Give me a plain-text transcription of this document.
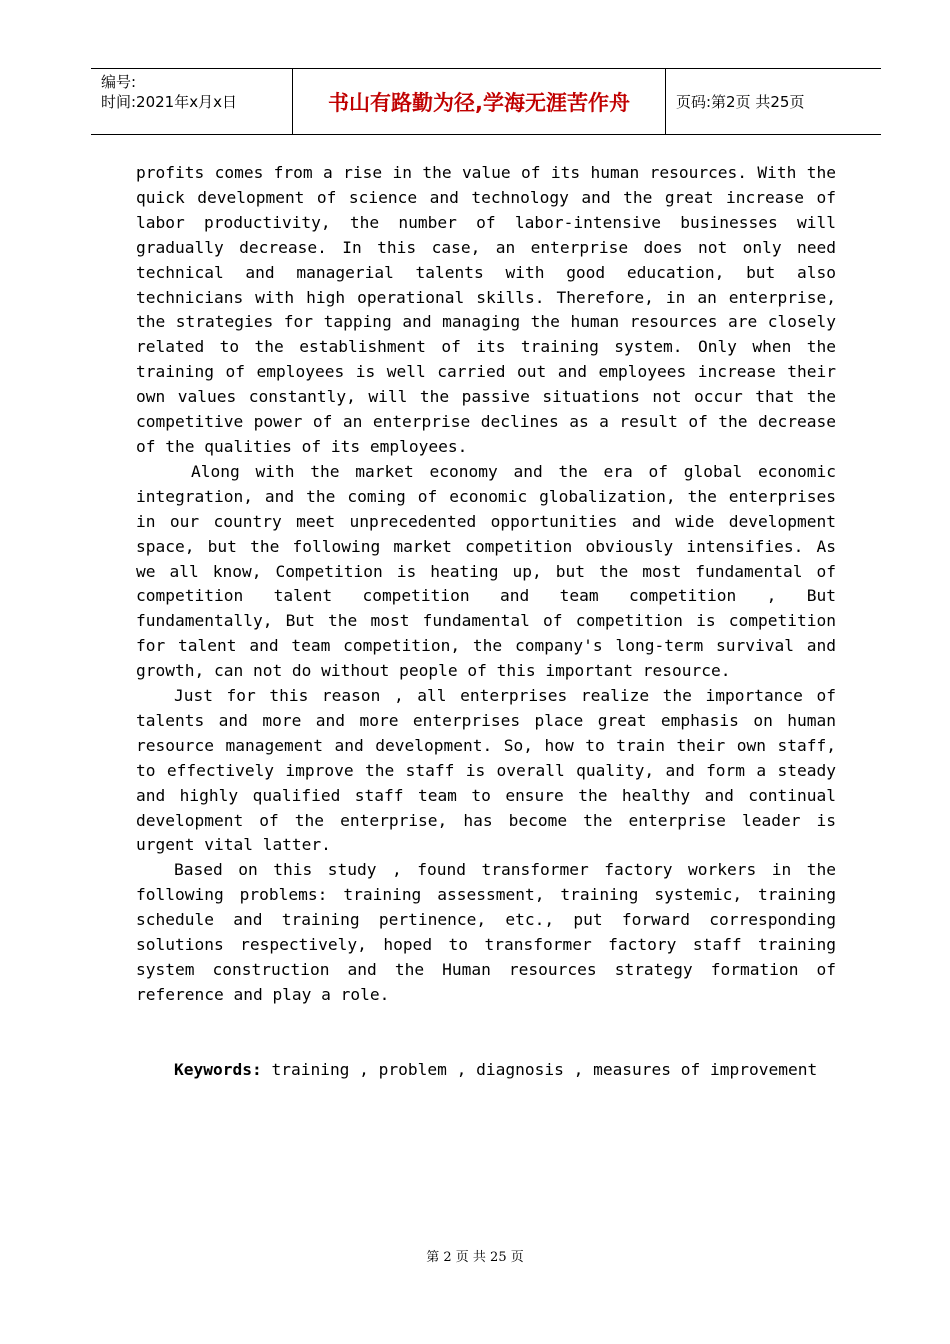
编号:
时间:2021年x月x日	书山有路勤为径,学海无涯苦作舟	页码:第2页 共25页

profits comes from a rise in the value of its human resources. With the quick development of science and technology and the great increase of labor productivity, the number of labor-intensive businesses will gradually decrease. In this case, an enterprise does not only need technical and managerial talents with good education, but also technicians with high operational skills. Therefore, in an enterprise, the strategies for tapping and managing the human resources are closely related to the establishment of its training system. Only when the training of employees is well carried out and employees increase their own values constantly, will the passive situations not occur that the competitive power of an enterprise declines as a result of the decrease of the qualities of its employees.

Along with the market economy and the era of global economic integration, and the coming of economic globalization, the enterprises in our country meet unprecedented opportunities and wide development space, but the following market competition obviously intensifies. As we all know, Competition is heating up, but the most fundamental of competition talent competition and team competition , But fundamentally, But the most fundamental of competition is competition for talent and team competition, the company's long-term survival and growth, can not do without people of this important resource.

Just for this reason , all enterprises realize the importance of talents and more and more enterprises place great emphasis on human resource management and development. So, how to train their own staff, to effectively improve the staff is overall quality, and form a steady and highly qualified staff team to ensure the healthy and continual development of the enterprise, has become the enterprise leader is urgent vital latter.

Based on this study , found transformer factory workers in the following problems: training assessment, training systemic, training schedule and training pertinence, etc., put forward corresponding solutions respectively, hoped to transformer factory staff training system construction and the Human resources strategy formation of reference and play a role.

Keywords: training , problem , diagnosis , measures of improvement
第 2 页 共 25 页
